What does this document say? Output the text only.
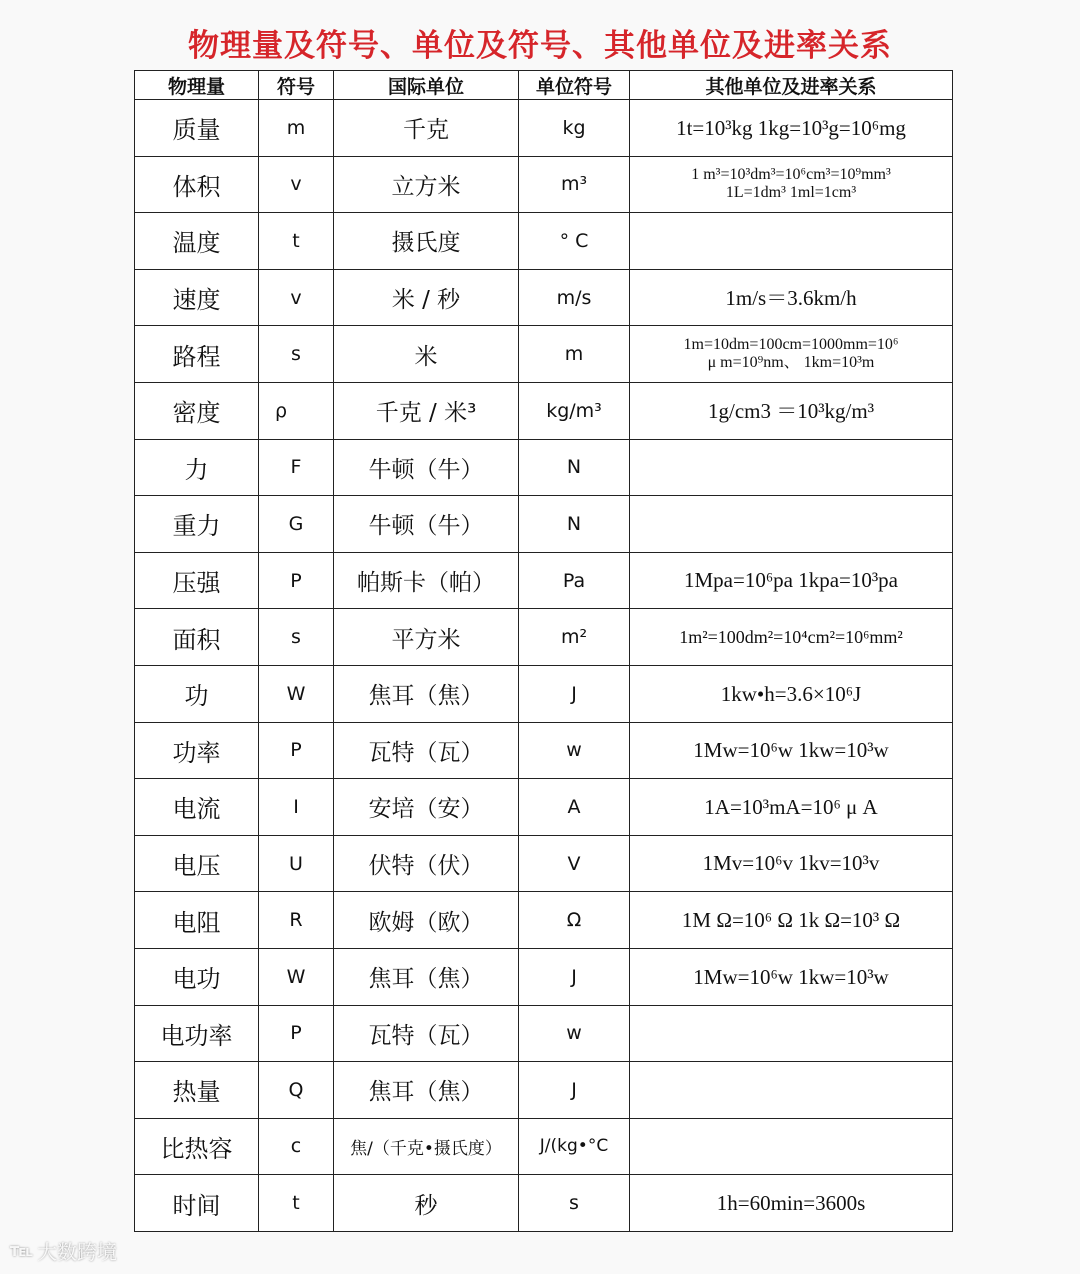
物理量及符号、单位及符号、其他单位及进率关系
物理量	符号	国际单位	单位符号	其他单位及进率关系
质量	m	千克	kg	1t=10³kg 1kg=10³g=10⁶mg
体积	v	立方米	m³	1 m³=10³dm³=10⁶cm³=10⁹mm³
1L=1dm³ 1ml=1cm³
温度	t	摄氏度	° C	
速度	v	米 / 秒	m/s	1m/s＝3.6km/h
路程	s	米	m	1m=10dm=100cm=1000mm=10⁶
μ m=10⁹nm、 1km=10³m
密度	ρ	千克 / 米³	kg/m³	1g/cm3 ＝10³kg/m³
力	F	牛顿（牛）	N	
重力	G	牛顿（牛）	N	
压强	P	帕斯卡（帕）	Pa	1Mpa=10⁶pa 1kpa=10³pa
面积	s	平方米	m²	1m²=100dm²=10⁴cm²=10⁶mm²
功	W	焦耳（焦）	J	1kw•h=3.6×10⁶J
功率	P	瓦特（瓦）	w	1Mw=10⁶w 1kw=10³w
电流	I	安培（安）	A	1A=10³mA=10⁶ μ A
电压	U	伏特（伏）	V	1Mv=10⁶v 1kv=10³v
电阻	R	欧姆（欧）	Ω	1M Ω=10⁶ Ω 1k Ω=10³ Ω
电功	W	焦耳（焦）	J	1Mw=10⁶w 1kw=10³w
电功率	P	瓦特（瓦）	w	
热量	Q	焦耳（焦）	J	
比热容	c	焦/（千克•摄氏度）	J/(kg•°C	
时间	t	秒	s	1h=60min=3600s
℡ 大数跨境
